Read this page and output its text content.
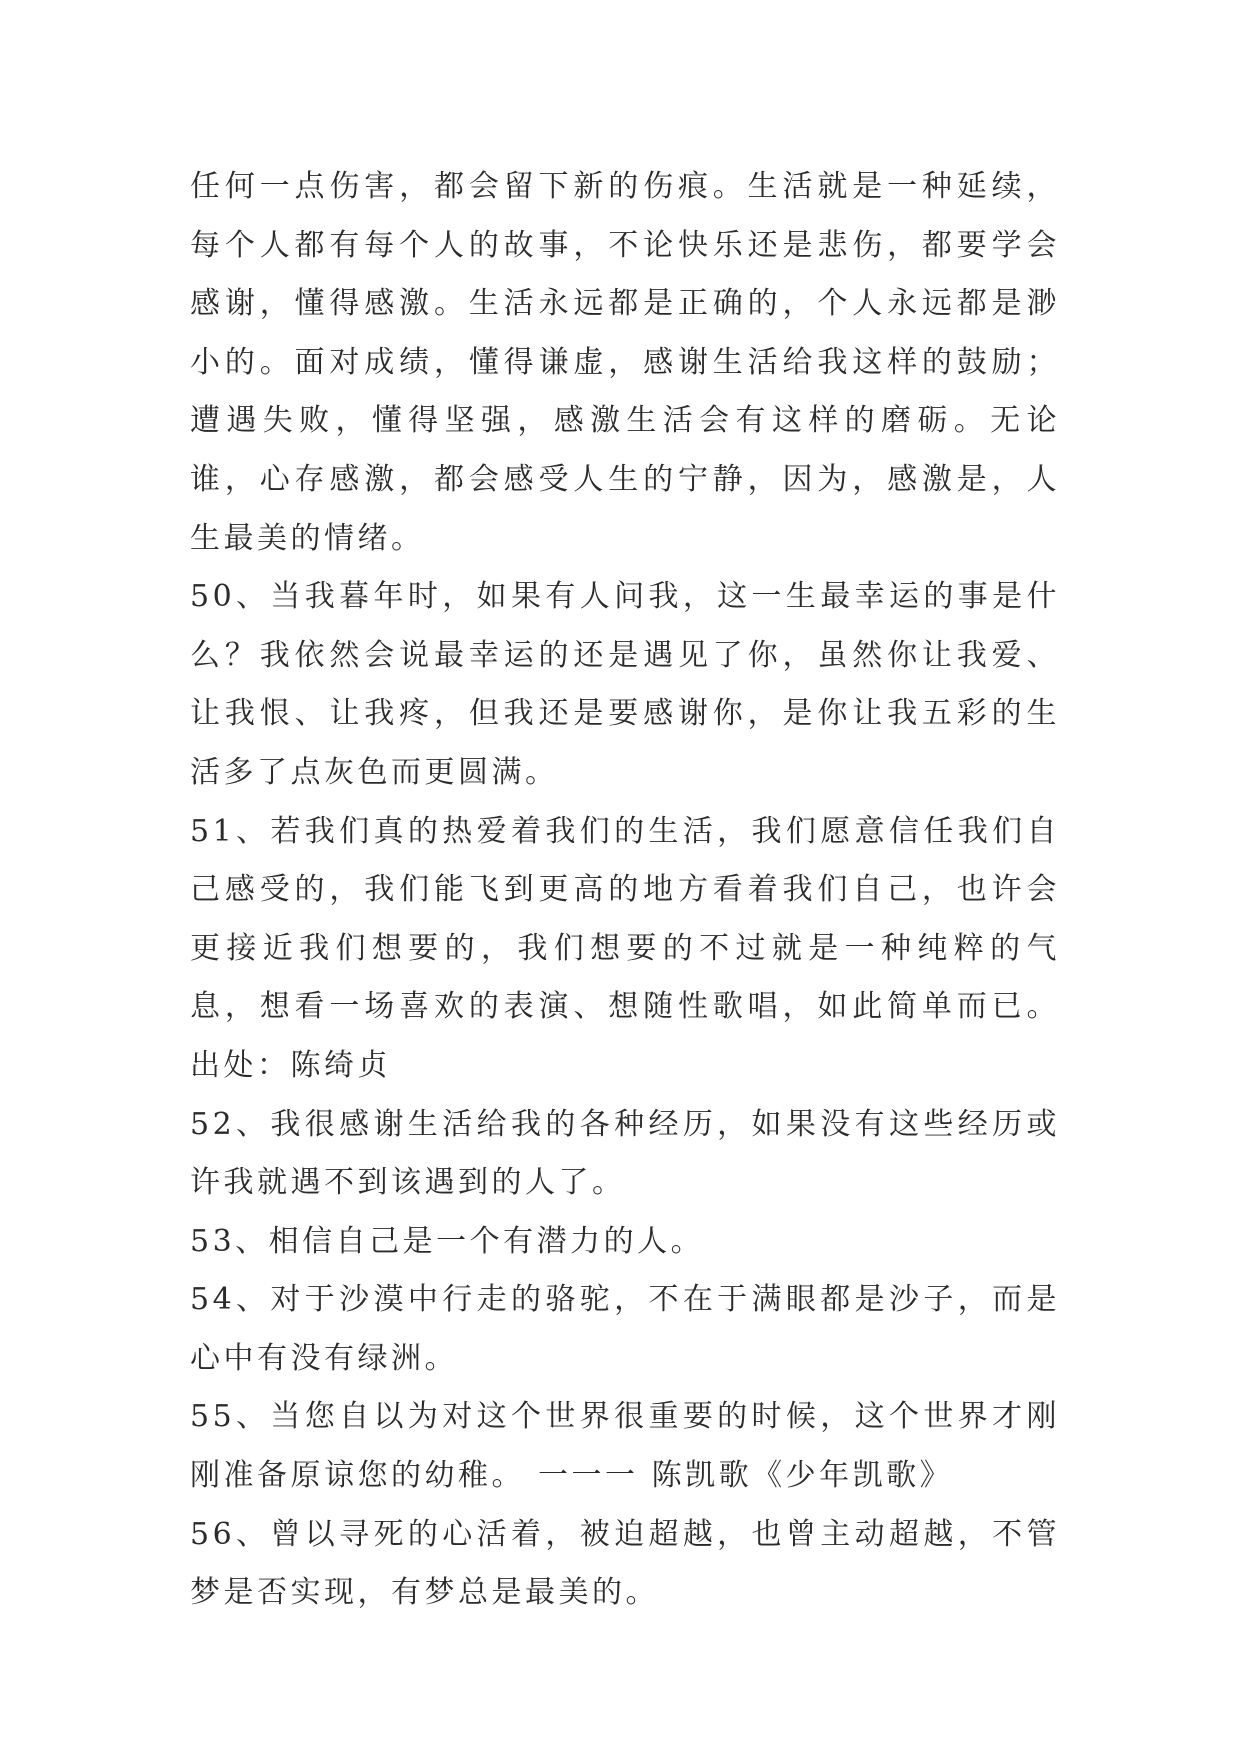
任何一点伤害，都会留下新的伤痕。生活就是一种延续，每个人都有每个人的故事，不论快乐还是悲伤，都要学会感谢，懂得感激。生活永远都是正确的，个人永远都是渺小的。面对成绩，懂得谦虚，感谢生活给我这样的鼓励；遭遇失败，懂得坚强，感激生活会有这样的磨砺。无论谁，心存感激，都会感受人生的宁静，因为，感激是，人生最美的情绪。

50、当我暮年时，如果有人问我，这一生最幸运的事是什么？我依然会说最幸运的还是遇见了你，虽然你让我爱、让我恨、让我疼，但我还是要感谢你，是你让我五彩的生活多了点灰色而更圆满。

51、若我们真的热爱着我们的生活，我们愿意信任我们自己感受的，我们能飞到更高的地方看着我们自己，也许会更接近我们想要的，我们想要的不过就是一种纯粹的气息，想看一场喜欢的表演、想随性歌唱，如此简单而已。出处：陈绮贞

52、我很感谢生活给我的各种经历，如果没有这些经历或许我就遇不到该遇到的人了。

53、相信自己是一个有潜力的人。

54、对于沙漠中行走的骆驼，不在于满眼都是沙子，而是心中有没有绿洲。

55、当您自以为对这个世界很重要的时候，这个世界才刚刚准备原谅您的幼稚。 一一一 陈凯歌《少年凯歌》

56、曾以寻死的心活着，被迫超越，也曾主动超越，不管梦是否实现，有梦总是最美的。
